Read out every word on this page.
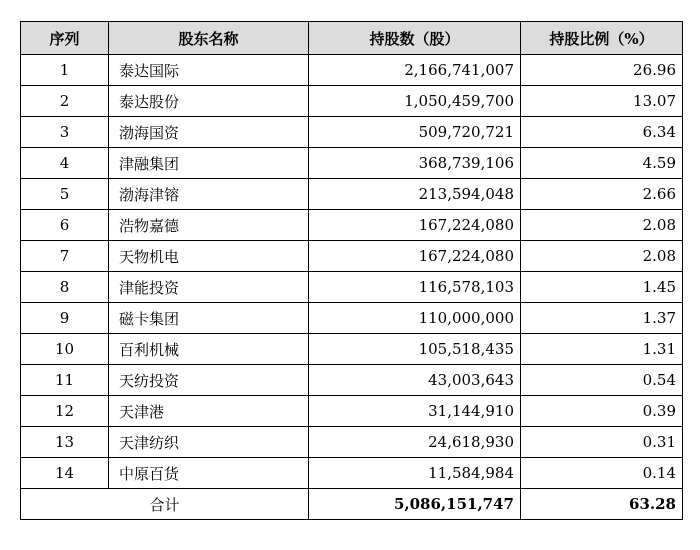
序列	股东名称	持股数（股）	持股比例（%）
1	泰达国际	2,166,741,007	26.96
2	泰达股份	1,050,459,700	13.07
3	渤海国资	509,720,721	6.34
4	津融集团	368,739,106	4.59
5	渤海津镕	213,594,048	2.66
6	浩物嘉德	167,224,080	2.08
7	天物机电	167,224,080	2.08
8	津能投资	116,578,103	1.45
9	磁卡集团	110,000,000	1.37
10	百利机械	105,518,435	1.31
11	天纺投资	43,003,643	0.54
12	天津港	31,144,910	0.39
13	天津纺织	24,618,930	0.31
14	中原百货	11,584,984	0.14
合计		5,086,151,747	63.28
